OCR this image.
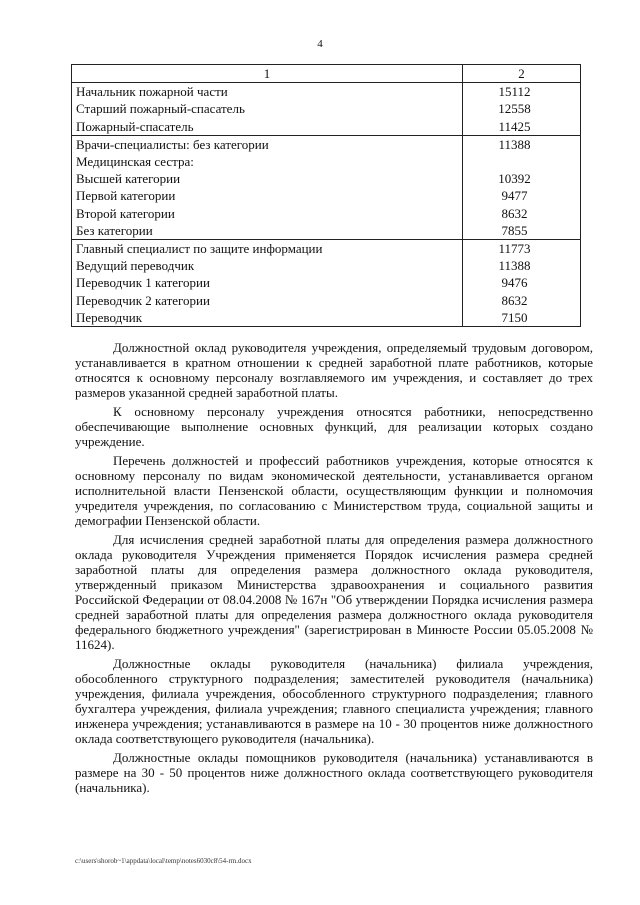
4
1	2
Начальник пожарной части	15112
Старший пожарный-спасатель	12558
Пожарный-спасатель	11425
Врачи-специалисты: без категории	11388
Медицинская сестра:	
Высшей категории	10392
Первой категории	9477
Второй категории	8632
Без категории	7855
Главный специалист по защите информации	11773
Ведущий переводчик	11388
Переводчик 1 категории	9476
Переводчик 2 категории	8632
Переводчик	7150

Должностной оклад руководителя учреждения, определяемый трудовым договором, устанавливается в кратном отношении к средней заработной плате работников, которые относятся к основному персоналу возглавляемого им учреждения, и составляет до трех размеров указанной средней заработной платы.

К основному персоналу учреждения относятся работники, непосредственно обеспечивающие выполнение основных функций, для реализации которых создано учреждение.

Перечень должностей и профессий работников учреждения, которые относятся к основному персоналу по видам экономической деятельности, устанавливается органом исполнительной власти Пензенской области, осуществляющим функции и полномочия учредителя учреждения, по согласованию с Министерством труда, социальной защиты и демографии Пензенской области.

Для исчисления средней заработной платы для определения размера должностного оклада руководителя Учреждения применяется Порядок исчисления размера средней заработной платы для определения размера должностного оклада руководителя, утвержденный приказом Министерства здравоохранения и социального развития Российской Федерации от 08.04.2008 № 167н "Об утверждении Порядка исчисления размера средней заработной платы для определения размера должностного оклада руководителя федерального бюджетного учреждения" (зарегистрирован в Минюсте России 05.05.2008 № 11624).

Должностные оклады руководителя (начальника) филиала учреждения, обособленного структурного подразделения; заместителей руководителя (начальника) учреждения, филиала учреждения, обособленного структурного подразделения; главного бухгалтера учреждения, филиала учреждения; главного специалиста учреждения; главного инженера учреждения; устанавливаются в размере на 10 - 30 процентов ниже должностного оклада соответствующего руководителя (начальника).

Должностные оклады помощников руководителя (начальника) устанавливаются в размере на 30 - 50 процентов ниже должностного оклада соответствующего руководителя (начальника).

c:\users\shorob~1\appdata\local\temp\notes6030c8\54-rm.docx
